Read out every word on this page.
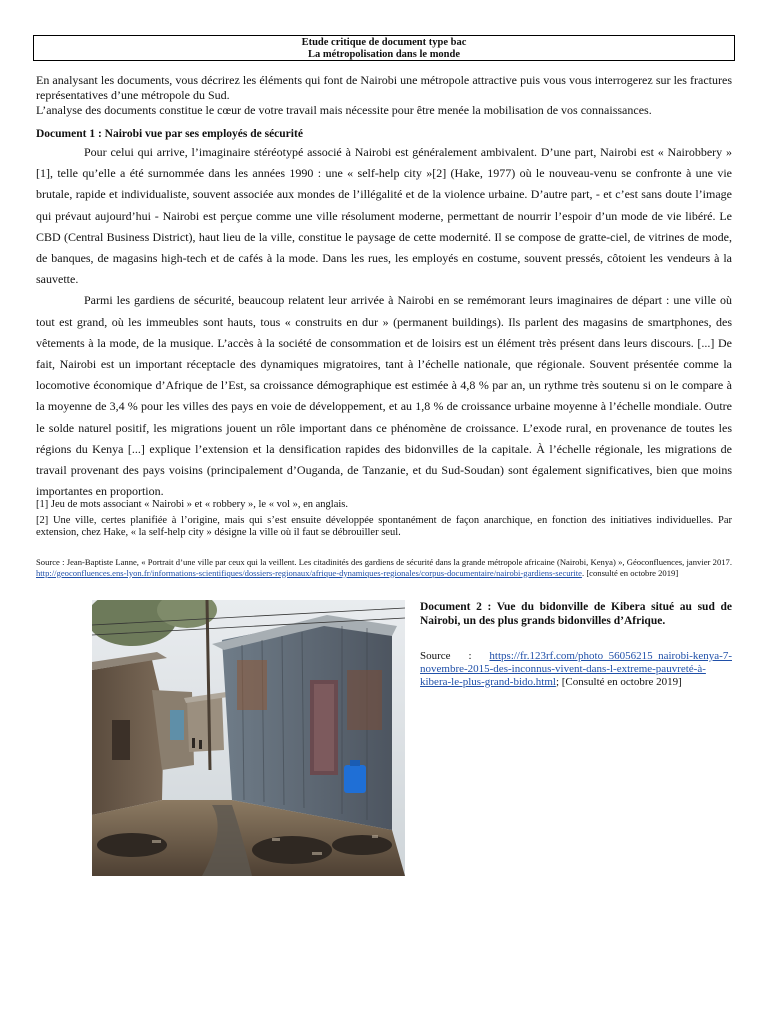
Etude critique de document type bac
La métropolisation dans le monde

En analysant les documents, vous décrirez les éléments qui font de Nairobi une métropole attractive puis vous vous interrogerez sur les fractures représentatives d’une métropole du Sud.

L’analyse des documents constitue le cœur de votre travail mais nécessite pour être menée la mobilisation de vos connaissances.

Document 1 : Nairobi vue par ses employés de sécurité

Pour celui qui arrive, l’imaginaire stéréotypé associé à Nairobi est généralement ambivalent. D’une part, Nairobi est « Nairobbery » [1], telle qu’elle a été surnommée dans les années 1990 : une « self-help city »[2] (Hake, 1977) où le nouveau-venu se confronte à une vie brutale, rapide et individualiste, souvent associée aux mondes de l’illégalité et de la violence urbaine. D’autre part, - et c’est sans doute l’image qui prévaut aujourd’hui - Nairobi est perçue comme une ville résolument moderne, permettant de nourrir l’espoir d’un mode de vie libéré. Le CBD (Central Business District), haut lieu de la ville, constitue le paysage de cette modernité. Il se compose de gratte-ciel, de vitrines de mode, de banques, de magasins high-tech et de cafés à la mode. Dans les rues, les employés en costume, souvent pressés, côtoient les vendeurs à la sauvette.

Parmi les gardiens de sécurité, beaucoup relatent leur arrivée à Nairobi en se remémorant leurs imaginaires de départ : une ville où tout est grand, où les immeubles sont hauts, tous « construits en dur » (permanent buildings). Ils parlent des magasins de smartphones, des vêtements à la mode, de la musique. L’accès à la société de consommation et de loisirs est un élément très présent dans leurs discours. [...] De fait, Nairobi est un important réceptacle des dynamiques migratoires, tant à l’échelle nationale, que régionale. Souvent présentée comme la locomotive économique d’Afrique de l’Est, sa croissance démographique est estimée à 4,8 % par an, un rythme très soutenu si on le compare à la moyenne de 3,4 % pour les villes des pays en voie de développement, et au 1,8 % de croissance urbaine moyenne à l’échelle mondiale. Outre le solde naturel positif, les migrations jouent un rôle important dans ce phénomène de croissance. L’exode rural, en provenance de toutes les régions du Kenya [...] explique l’extension et la densification rapides des bidonvilles de la capitale. À l’échelle régionale, les migrations de travail provenant des pays voisins (principalement d’Ouganda, de Tanzanie, et du Sud-Soudan) sont également significatives, bien que moins importantes en proportion.

[1] Jeu de mots associant « Nairobi » et « robbery », le « vol », en anglais.

[2] Une ville, certes planifiée à l’origine, mais qui s’est ensuite développée spontanément de façon anarchique, en fonction des initiatives individuelles. Par extension, chez Hake, « la self-help city » désigne la ville où il faut se débrouiller seul.

Source : Jean-Baptiste Lanne, « Portrait d’une ville par ceux qui la veillent. Les citadinités des gardiens de sécurité dans la grande métropole africaine (Nairobi, Kenya) », Géoconfluences, janvier 2017. http://geoconfluences.ens-lyon.fr/informations-scientifiques/dossiers-regionaux/afrique-dynamiques-regionales/corpus-documentaire/nairobi-gardiens-securite. [consulté en octobre 2019]

Document 2 : Vue du bidonville de Kibera situé au sud de Nairobi, un des plus grands bidonvilles d’Afrique.

Source : https://fr.123rf.com/photo_56056215_nairobi-kenya-7-novembre-2015-des-inconnus-vivent-dans-l-extreme-pauvreté-à-kibera-le-plus-grand-bido.html; [Consulté en octobre 2019]
